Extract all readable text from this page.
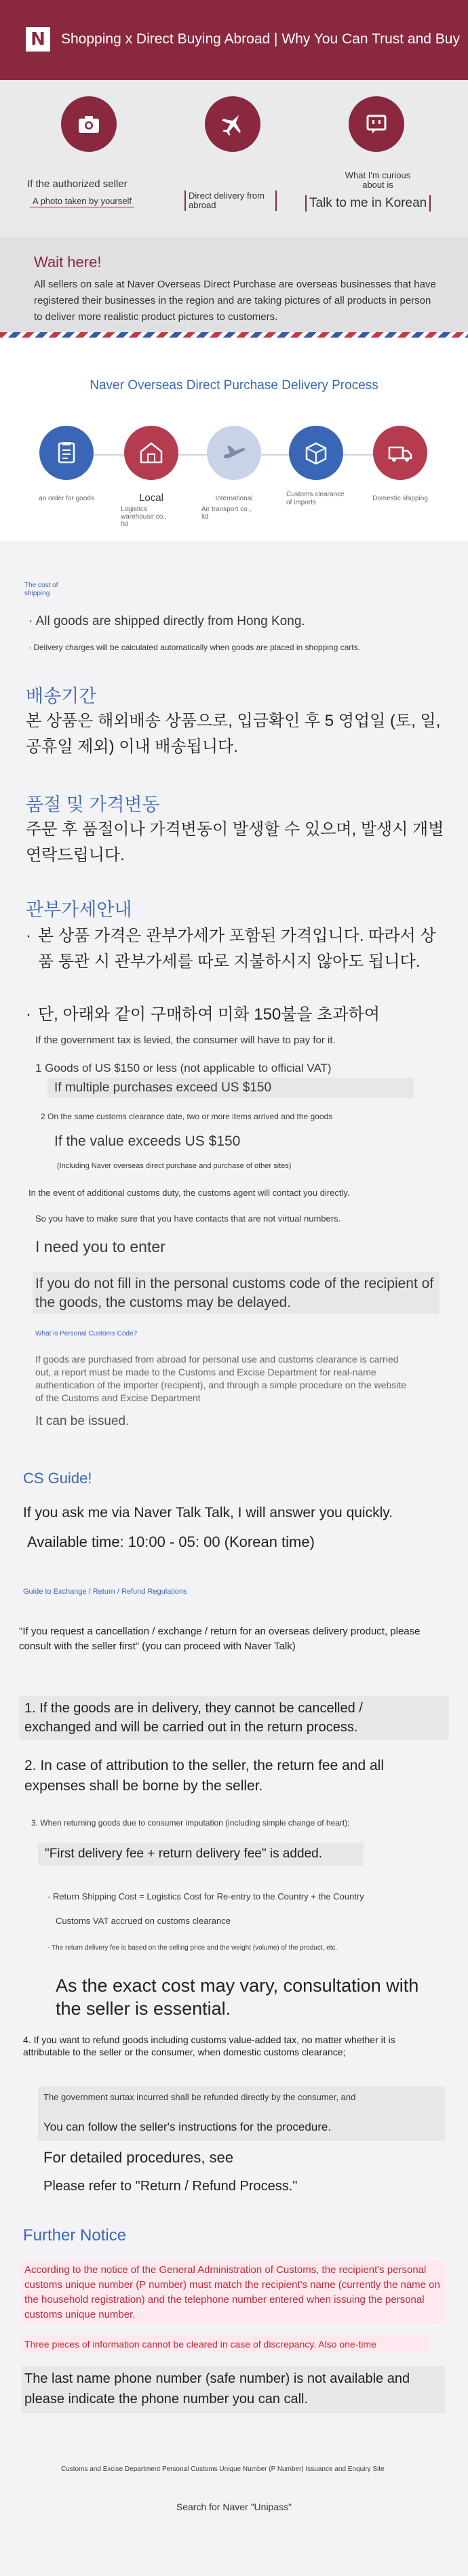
N	Shopping x Direct Buying Abroad | Why You Can Trust and Buy
If the authorized seller
A photo taken by yourself
Direct delivery from abroad
What I'm curious about is
Talk to me in Korean
Wait here!

All sellers on sale at Naver Overseas Direct Purchase are overseas businesses that have registered their businesses in the region and are taking pictures of all products in person to deliver more realistic product pictures to customers.

Naver Overseas Direct Purchase Delivery Process
an order for goods	Local
Logistics warehouse co., ltd
International
Air transport co., ltd
Customs clearance
of imports
Domestic shipping
The cost of shipping
· All goods are shipped directly from Hong Kong.
· Delivery charges will be calculated automatically when goods are placed in shopping carts.
배송기간
본 상품은 해외배송 상품으로, 입금확인 후 5 영업일 (토, 일, 공휴일 제외) 이내 배송됩니다.
품절 및 가격변동
주문 후 품절이나 가격변동이 발생할 수 있으며, 발생시 개별 연락드립니다.
관부가세안내
· 본 상품 가격은 관부가세가 포함된 가격입니다. 따라서 상품 통관 시 관부가세를 따로 지불하시지 않아도 됩니다.
· 단, 아래와 같이 구매하여 미화 150불을 초과하여
If the government tax is levied, the consumer will have to pay for it.
1 Goods of US $150 or less (not applicable to official VAT)
If multiple purchases exceed US $150
2 On the same customs clearance date, two or more items arrived and the goods
If the value exceeds US $150
(Including Naver overseas direct purchase and purchase of other sites)
In the event of additional customs duty, the customs agent will contact you directly.
So you have to make sure that you have contacts that are not virtual numbers.
I need you to enter
If you do not fill in the personal customs code of the recipient of the goods, the customs may be delayed.
What is Personal Customs Code?
If goods are purchased from abroad for personal use and customs clearance is carried out, a report must be made to the Customs and Excise Department for real-name authentication of the importer (recipient), and through a simple procedure on the website of the Customs and Excise Department
It can be issued.
CS Guide!
If you ask me via Naver Talk Talk, I will answer you quickly.
Available time: 10:00 - 05: 00 (Korean time)
Guide to Exchange / Return / Refund Regulations
"If you request a cancellation / exchange / return for an overseas delivery product, please consult with the seller first" (you can proceed with Naver Talk)
1. If the goods are in delivery, they cannot be cancelled / exchanged and will be carried out in the return process.
2. In case of attribution to the seller, the return fee and all expenses shall be borne by the seller.
3. When returning goods due to consumer imputation (including simple change of heart);
"First delivery fee + return delivery fee" is added.
- Return Shipping Cost = Logistics Cost for Re-entry to the Country + the Country
Customs VAT accrued on customs clearance
- The return delivery fee is based on the selling price and the weight (volume) of the product, etc.
As the exact cost may vary, consultation with the seller is essential.
4. If you want to refund goods including customs value-added tax, no matter whether it is attributable to the seller or the consumer, when domestic customs clearance;
The government surtax incurred shall be refunded directly by the consumer, and
You can follow the seller's instructions for the procedure.
For detailed procedures, see
Please refer to "Return / Refund Process."
Further Notice
According to the notice of the General Administration of Customs, the recipient's personal customs unique number (P number) must match the recipient's name (currently the name on the household registration) and the telephone number entered when issuing the personal customs unique number.
Three pieces of information cannot be cleared in case of discrepancy. Also one-time
The last name phone number (safe number) is not available and please indicate the phone number you can call.
Customs and Excise Department Personal Customs Unique Number (P Number) Issuance and Enquiry Site
Search for Naver "Unipass"
